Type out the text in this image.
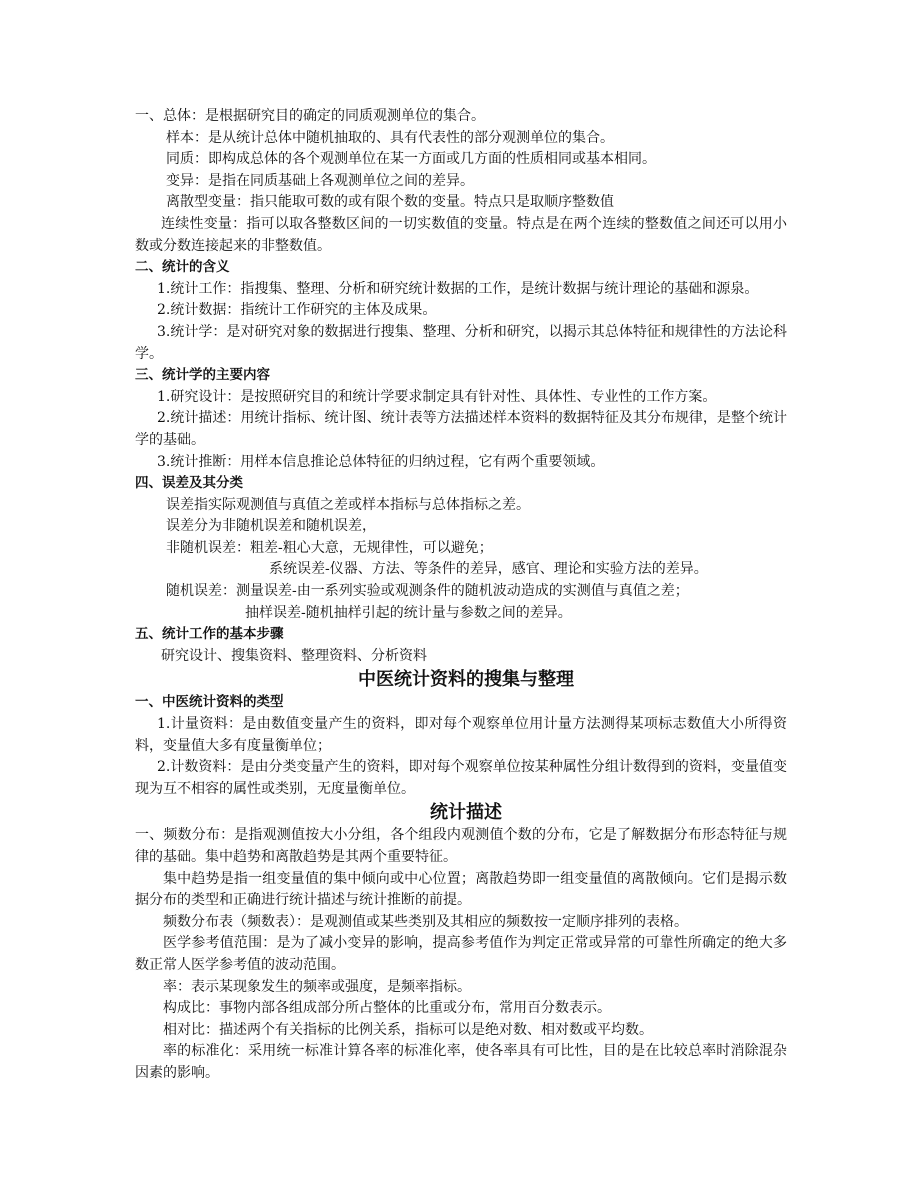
一、总体：是根据研究目的确定的同质观测单位的集合。
样本：是从统计总体中随机抽取的、具有代表性的部分观测单位的集合。
同质：即构成总体的各个观测单位在某一方面或几方面的性质相同或基本相同。
变异：是指在同质基础上各观测单位之间的差异。
离散型变量：指只能取可数的或有限个数的变量。特点只是取顺序整数值
连续性变量：指可以取各整数区间的一切实数值的变量。特点是在两个连续的整数值之间还可以用小数或分数连接起来的非整数值。
二、统计的含义
1.统计工作：指搜集、整理、分析和研究统计数据的工作，是统计数据与统计理论的基础和源泉。
2.统计数据：指统计工作研究的主体及成果。
3.统计学：是对研究对象的数据进行搜集、整理、分析和研究，以揭示其总体特征和规律性的方法论科学。
三、统计学的主要内容
1.研究设计：是按照研究目的和统计学要求制定具有针对性、具体性、专业性的工作方案。
2.统计描述：用统计指标、统计图、统计表等方法描述样本资料的数据特征及其分布规律，是整个统计学的基础。
3.统计推断：用样本信息推论总体特征的归纳过程，它有两个重要领域。
四、误差及其分类
误差指实际观测值与真值之差或样本指标与总体指标之差。
误差分为非随机误差和随机误差，
非随机误差：粗差-粗心大意，无规律性，可以避免；
系统误差-仪器、方法、等条件的差异，感官、理论和实验方法的差异。
随机误差：测量误差-由一系列实验或观测条件的随机波动造成的实测值与真值之差；
抽样误差-随机抽样引起的统计量与参数之间的差异。
五、统计工作的基本步骤
研究设计、搜集资料、整理资料、分析资料
中医统计资料的搜集与整理
一、中医统计资料的类型
1.计量资料：是由数值变量产生的资料，即对每个观察单位用计量方法测得某项标志数值大小所得资料，变量值大多有度量衡单位；
2.计数资料：是由分类变量产生的资料，即对每个观察单位按某种属性分组计数得到的资料，变量值变现为互不相容的属性或类别，无度量衡单位。
统计描述
一、频数分布：是指观测值按大小分组，各个组段内观测值个数的分布，它是了解数据分布形态特征与规律的基础。集中趋势和离散趋势是其两个重要特征。
集中趋势是指一组变量值的集中倾向或中心位置；离散趋势即一组变量值的离散倾向。它们是揭示数据分布的类型和正确进行统计描述与统计推断的前提。
频数分布表（频数表）：是观测值或某些类别及其相应的频数按一定顺序排列的表格。
医学参考值范围：是为了减小变异的影响，提高参考值作为判定正常或异常的可靠性所确定的绝大多数正常人医学参考值的波动范围。
率：表示某现象发生的频率或强度，是频率指标。
构成比：事物内部各组成部分所占整体的比重或分布，常用百分数表示。
相对比：描述两个有关指标的比例关系，指标可以是绝对数、相对数或平均数。
率的标准化：采用统一标准计算各率的标准化率，使各率具有可比性，目的是在比较总率时消除混杂因素的影响。
